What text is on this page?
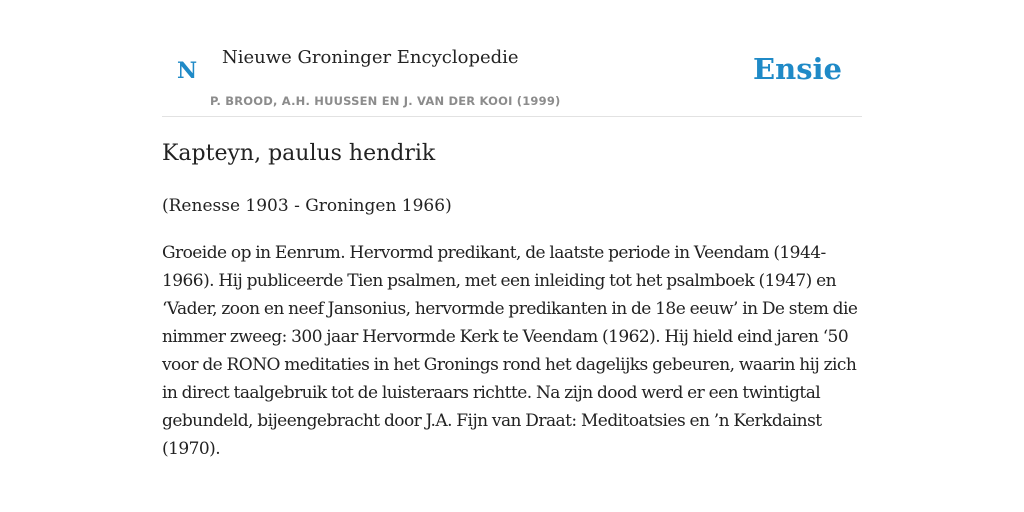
N
Nieuwe Groninger Encyclopedie
P. BROOD, A.H. HUUSSEN EN J. VAN DER KOOI (1999)
Ensie
Kapteyn, paulus hendrik

(Renesse 1903 - Groningen 1966)

Groeide op in Eenrum. Hervormd predikant, de laatste periode in Veendam (1944-1966). Hij publiceerde Tien psalmen, met een inleiding tot het psalmboek (1947) en ‘Vader, zoon en neef Jansonius, hervormde predikanten in de 18e eeuw’ in De stem die nimmer zweeg: 300 jaar Hervormde Kerk te Veendam (1962). Hij hield eind jaren ‘50 voor de RONO meditaties in het Gronings rond het dagelijks gebeuren, waarin hij zich in direct taalgebruik tot de luisteraars richtte. Na zijn dood werd er een twintigtal gebundeld, bijeengebracht door J.A. Fijn van Draat: Meditoatsies en ’n Kerkdainst (1970).
